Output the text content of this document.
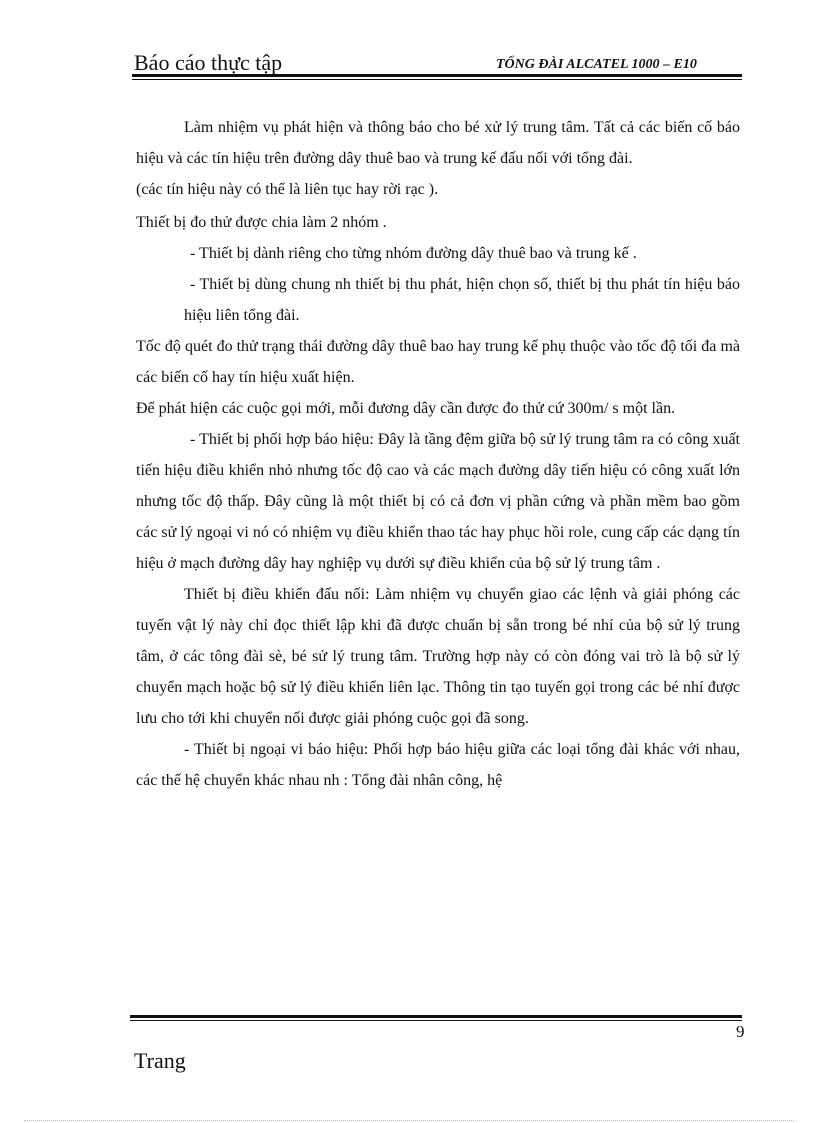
Báo cáo thực tập	TỔNG ĐÀI ALCATEL 1000 – E10

Làm nhiệm vụ phát hiện và thông báo cho bé xử lý trung tâm. Tất cả các biến cố báo hiệu và các tín hiệu trên đường dây thuê bao và trung kế đấu nối với tổng đài.

(các tín hiệu này có thể là liên tục hay rời rạc ).

Thiết bị đo thử được chia làm 2 nhóm .

- Thiết bị dành riêng cho từng nhóm đường dây thuê bao và trung kế .

- Thiết bị dùng chung nh thiết bị thu phát, hiện chọn số, thiết bị thu phát tín hiệu báo hiệu liên tổng đài.

Tốc độ quét đo thử trạng thái đường dây thuê bao hay trung kế phụ thuộc vào tốc độ tối đa mà các biến cố hay tín hiệu xuất hiện.

Để phát hiện các cuộc gọi mới, mỗi đương dây cần được đo thử cứ 300m/ s một lần.

- Thiết bị phối hợp báo hiệu: Đây là tầng đệm giữa bộ sử lý trung tâm ra có công xuất tiến hiệu điều khiển nhỏ nhưng tốc độ cao và các mạch đường dây tiến hiệu có công xuất lớn nhưng tốc độ thấp. Đây cũng là một thiết bị có cả đơn vị phần cứng và phần mềm bao gồm các sử lý ngoại vi nó có nhiệm vụ điều khiển thao tác hay phục hồi role, cung cấp các dạng tín hiệu ở mạch đường dây hay nghiệp vụ dưới sự điều khiển của bộ sử lý trung tâm .

Thiết bị điều khiển đấu nối: Làm nhiệm vụ chuyển giao các lệnh và giải phóng các tuyến vật lý này chỉ đọc thiết lập khi đã được chuẩn bị sẵn trong bé nhí của bộ sử lý trung tâm, ở các tông đài sè, bé sử lý trung tâm. Trường hợp này có còn đóng vai trò là bộ sử lý chuyển mạch hoặc bộ sử lý điều khiển liên lạc. Thông tin tạo tuyến gọi trong các bé nhí được lưu cho tới khi chuyển nối được giải phóng cuộc gọi đã song.

- Thiết bị ngoại vi báo hiệu: Phối hợp báo hiệu giữa các loại tổng đài khác với nhau, các thế hệ chuyển khác nhau nh : Tổng đài nhân công, hệ

9
Trang
